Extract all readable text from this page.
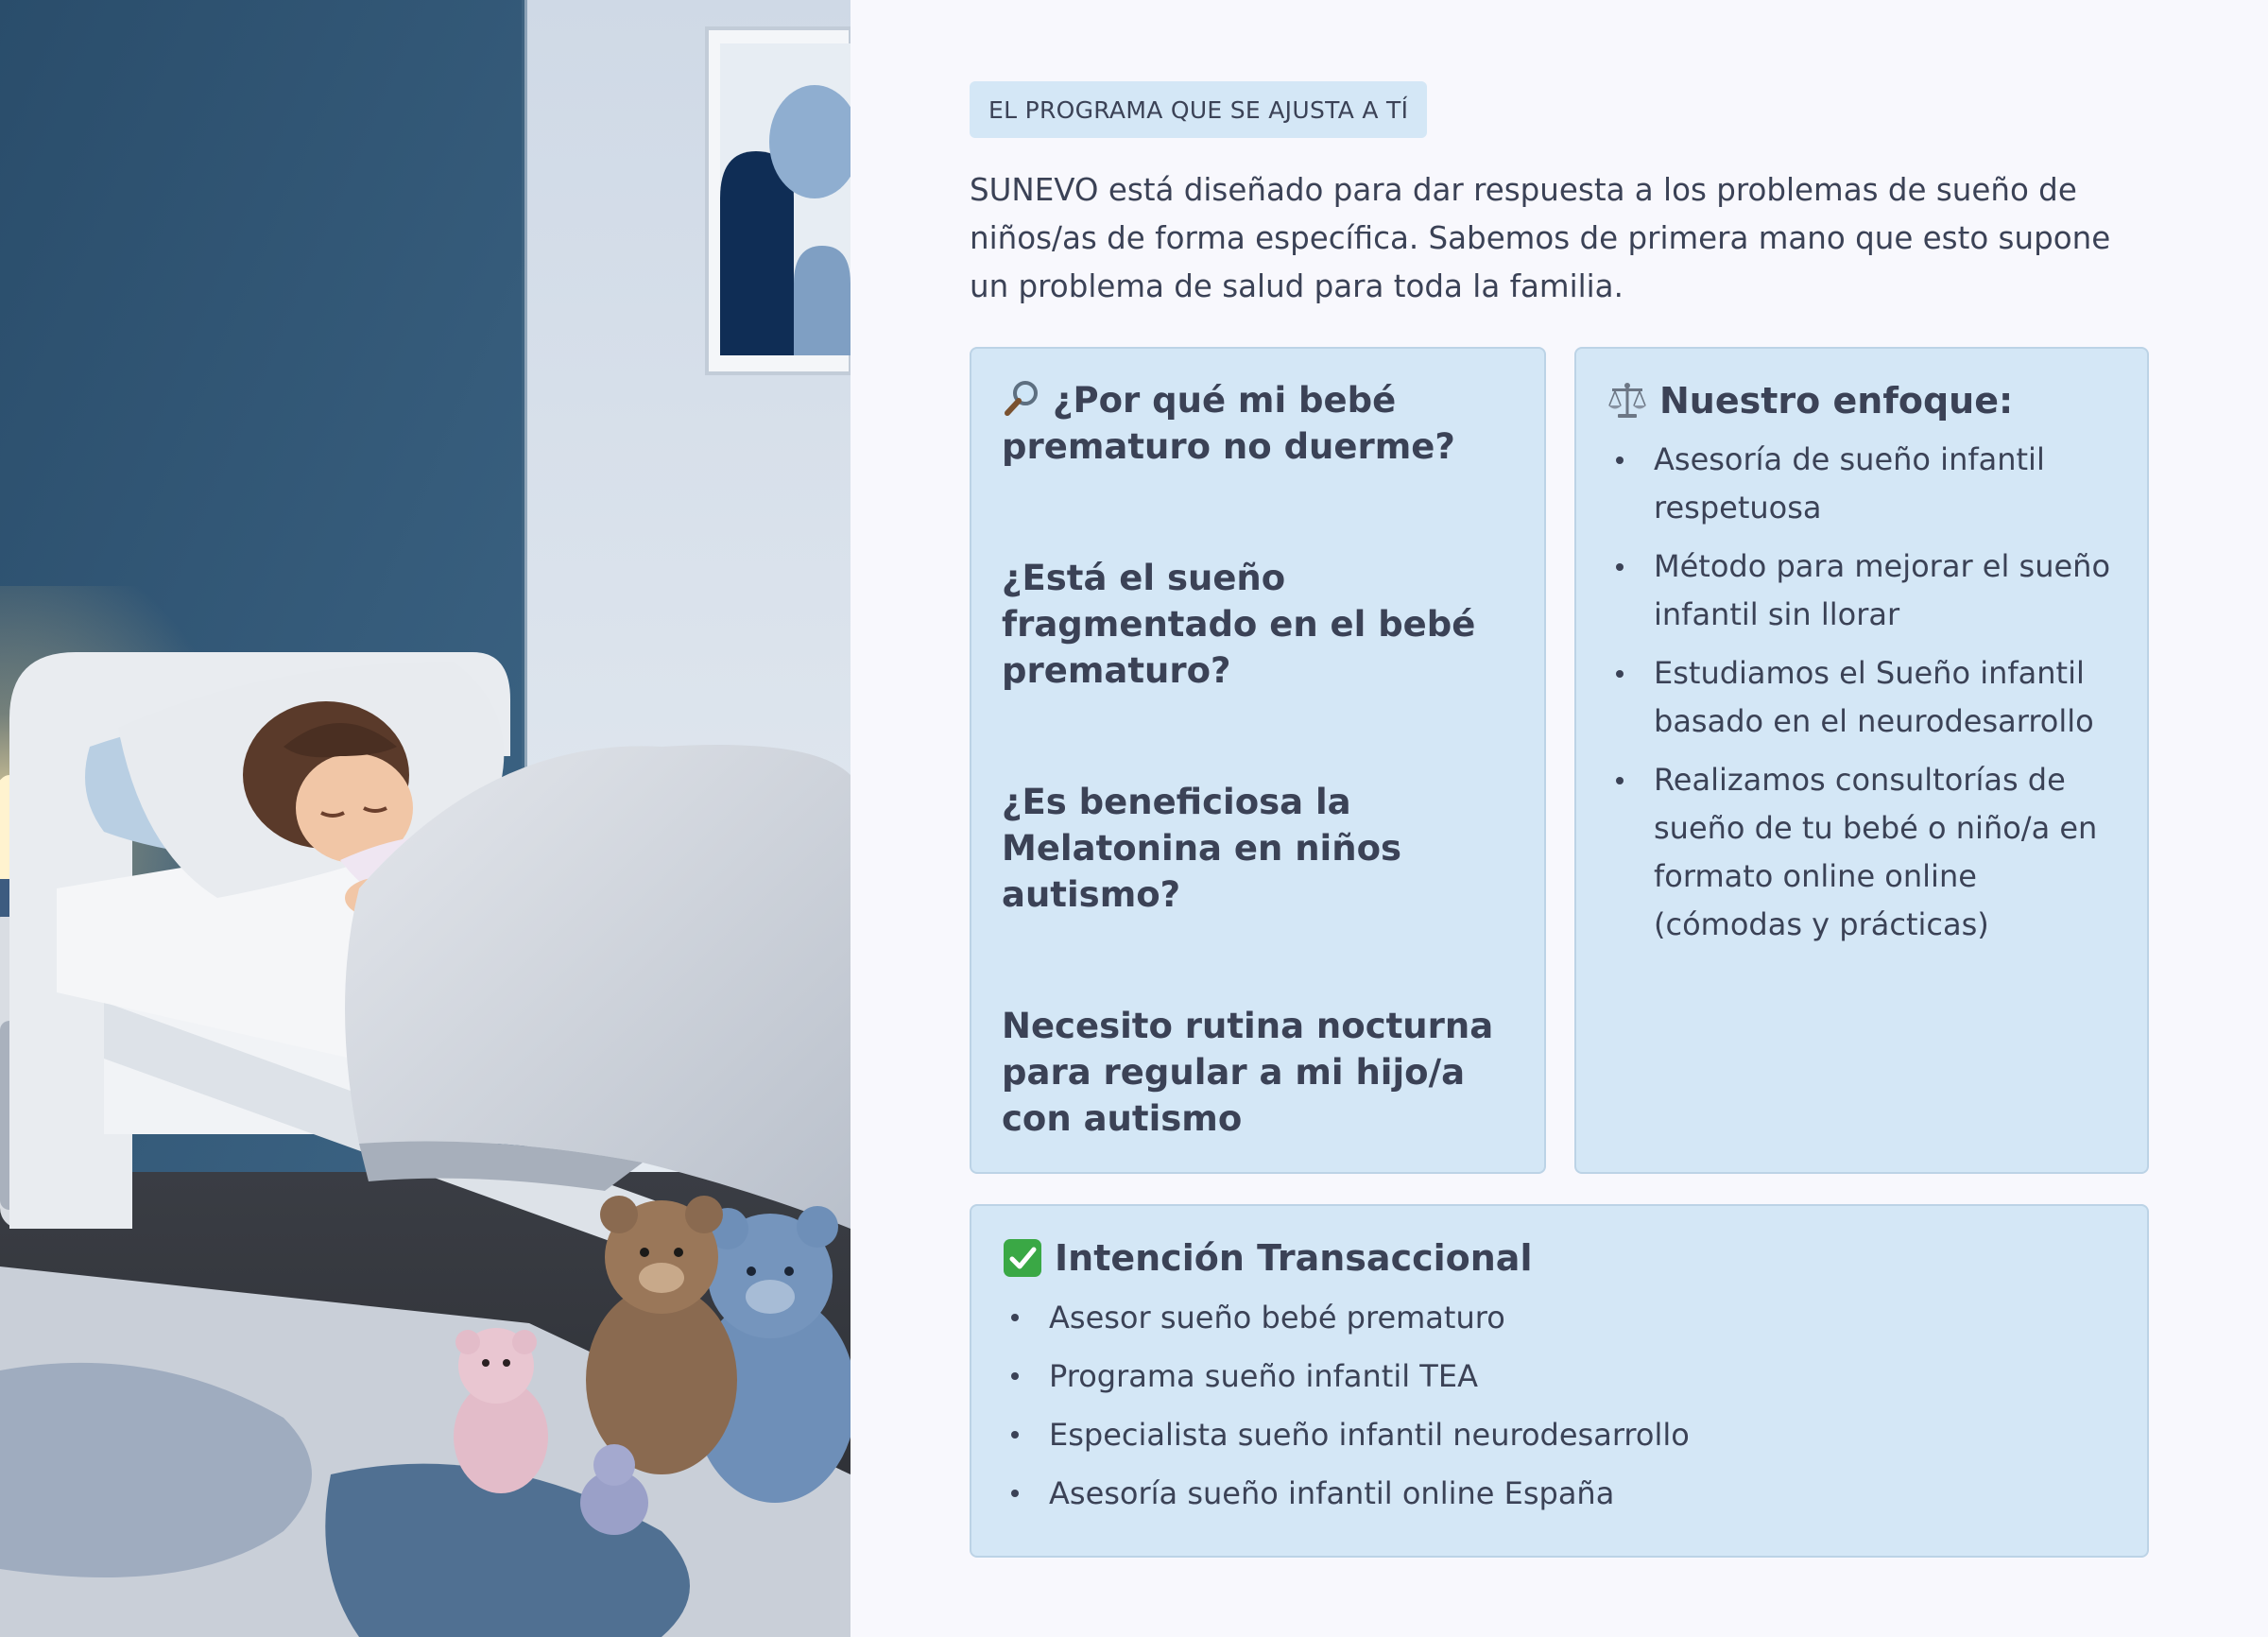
EL PROGRAMA QUE SE AJUSTA A TÍ

SUNEVO está diseñado para dar respuesta a los problemas de sueño de niños/as de forma específica. Sabemos de primera mano que esto supone un problema de salud para toda la familia.

¿Por qué mi bebé prematuro no duerme?
¿Está el sueño fragmentado en el bebé prematuro?
¿Es beneficiosa la Melatonina en niños autismo?
Necesito rutina nocturna para regular a mi hijo/a con autismo
Nuestro enfoque:
Asesoría de sueño infantil respetuosa
Método para mejorar el sueño infantil sin llorar
Estudiamos el Sueño infantil basado en el neurodesarrollo
Realizamos consultorías de sueño de tu bebé o niño/a en formato online online (cómodas y prácticas)
Intención Transaccional
Asesor sueño bebé prematuro
Programa sueño infantil TEA
Especialista sueño infantil neurodesarrollo
Asesoría sueño infantil online España
